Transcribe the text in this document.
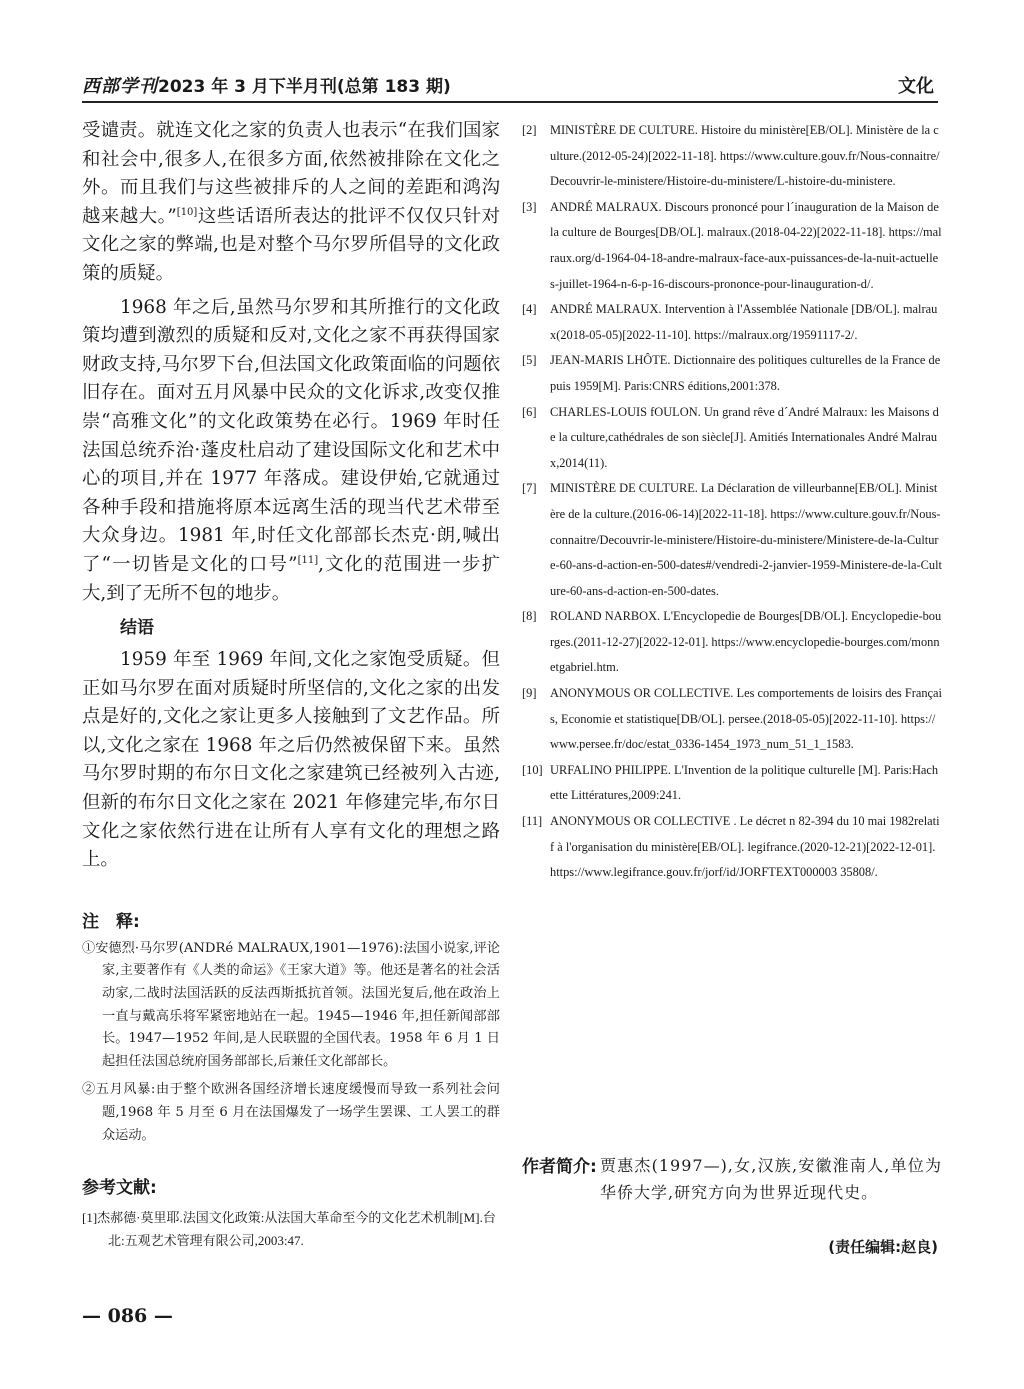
西部学刊2023 年 3 月下半月刊(总第 183 期)	文化

受谴责。就连文化之家的负责人也表示“在我们国家和社会中,很多人,在很多方面,依然被排除在文化之外。而且我们与这些被排斥的人之间的差距和鸿沟越来越大。”[10]这些话语所表达的批评不仅仅只针对文化之家的弊端,也是对整个马尔罗所倡导的文化政策的质疑。

1968 年之后,虽然马尔罗和其所推行的文化政策均遭到激烈的质疑和反对,文化之家不再获得国家财政支持,马尔罗下台,但法国文化政策面临的问题依旧存在。面对五月风暴中民众的文化诉求,改变仅推崇“高雅文化”的文化政策势在必行。1969 年时任法国总统乔治·蓬皮杜启动了建设国际文化和艺术中心的项目,并在 1977 年落成。建设伊始,它就通过各种手段和措施将原本远离生活的现当代艺术带至大众身边。1981 年,时任文化部部长杰克·朗,喊出了“一切皆是文化的口号”[11],文化的范围进一步扩大,到了无所不包的地步。

结语

1959 年至 1969 年间,文化之家饱受质疑。但正如马尔罗在面对质疑时所坚信的,文化之家的出发点是好的,文化之家让更多人接触到了文艺作品。所以,文化之家在 1968 年之后仍然被保留下来。虽然马尔罗时期的布尔日文化之家建筑已经被列入古迹,但新的布尔日文化之家在 2021 年修建完毕,布尔日文化之家依然行进在让所有人享有文化的理想之路上。

注　释:

①安德烈·马尔罗(ANDRé MALRAUX,1901—1976):法国小说家,评论家,主要著作有《人类的命运》《王家大道》等。他还是著名的社会活动家,二战时法国活跃的反法西斯抵抗首领。法国光复后,他在政治上一直与戴高乐将军紧密地站在一起。1945—1946 年,担任新闻部部长。1947—1952 年间,是人民联盟的全国代表。1958 年 6 月 1 日起担任法国总统府国务部部长,后兼任文化部部长。

②五月风暴:由于整个欧洲各国经济增长速度缓慢而导致一系列社会问题,1968 年 5 月至 6 月在法国爆发了一场学生罢课、工人罢工的群众运动。

参考文献:

[1]杰郝德·莫里耶.法国文化政策:从法国大革命至今的文化艺术机制[M].台北:五观艺术管理有限公司,2003:47.

[2] MINISTÈRE DE CULTURE. Histoire du ministère[EB/OL]. Ministère de la culture.(2012-05-24)[2022-11-18]. https://www.culture.gouv.fr/Nous-connaitre/Decouvrir-le-ministere/Histoire-du-ministere/L-histoire-du-ministere.
[3] ANDRÉ MALRAUX. Discours prononcé pour l´inauguration de la Maison de la culture de Bourges[DB/OL]. malraux.(2018-04-22)[2022-11-18]. https://malraux.org/d-1964-04-18-andre-malraux-face-aux-puissances-de-la-nuit-actuelles-juillet-1964-n-6-p-16-discours-prononce-pour-linauguration-d/.
[4] ANDRÉ MALRAUX. Intervention à l'Assemblée Nationale [DB/OL]. malraux(2018-05-05)[2022-11-10]. https://malraux.org/19591117-2/.
[5] JEAN-MARIS LHÔTE. Dictionnaire des politiques culturelles de la France depuis 1959[M]. Paris:CNRS éditions,2001:378.
[6] CHARLES-LOUIS fOULON. Un grand rêve d´André Malraux: les Maisons de la culture,cathédrales de son siècle[J]. Amitiés Internationales André Malraux,2014(11).
[7] MINISTÈRE DE CULTURE. La Déclaration de villeurbanne[EB/OL]. Ministère de la culture.(2016-06-14)[2022-11-18]. https://www.culture.gouv.fr/Nous-connaitre/Decouvrir-le-ministere/Histoire-du-ministere/Ministere-de-la-Culture-60-ans-d-action-en-500-dates#/vendredi-2-janvier-1959-Ministere-de-la-Culture-60-ans-d-action-en-500-dates.
[8] ROLAND NARBOX. L'Encyclopedie de Bourges[DB/OL]. Encyclopedie-bourges.(2011-12-27)[2022-12-01]. https://www.encyclopedie-bourges.com/monnetgabriel.htm.
[9] ANONYMOUS OR COLLECTIVE. Les comportements de loisirs des Français, Economie et statistique[DB/OL]. persee.(2018-05-05)[2022-11-10]. https://www.persee.fr/doc/estat_0336-1454_1973_num_51_1_1583.
[10] URFALINO PHILIPPE. L'Invention de la politique culturelle [M]. Paris:Hachette Littératures,2009:241.
[11] ANONYMOUS OR COLLECTIVE . Le décret n 82-394 du 10 mai 1982relatif à l'organisation du ministère[EB/OL]. legifrance.(2020-12-21)[2022-12-01]. https://www.legifrance.gouv.fr/jorf/id/JORFTEXT000003 35808/.
作者简介: 贾惠杰(1997—),女,汉族,安徽淮南人,单位为华侨大学,研究方向为世界近现代史。
(责任编辑:赵良)
— 086 —
